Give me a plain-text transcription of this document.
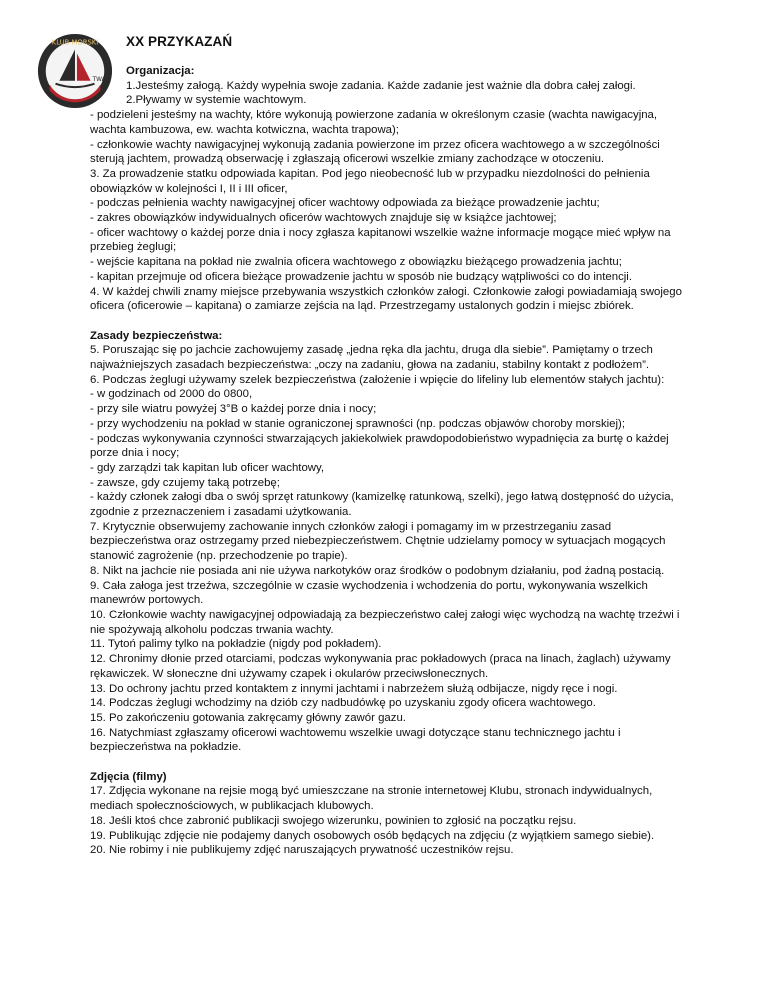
KLUB MORSKI
TWA
XX PRZYKAZAŃ

Organizacja:

1.Jesteśmy załogą. Każdy wypełnia swoje zadania. Każde zadanie jest ważnie dla dobra całej załogi.

2.Pływamy w systemie wachtowym.

- podzieleni jesteśmy na wachty, które wykonują powierzone zadania w określonym czasie (wachta nawigacyjna, wachta kambuzowa, ew. wachta kotwiczna, wachta trapowa);

- członkowie wachty nawigacyjnej wykonują zadania powierzone im przez oficera wachtowego a w szczególności sterują jachtem, prowadzą obserwację i zgłaszają oficerowi wszelkie zmiany zachodzące w otoczeniu.

3. Za prowadzenie statku odpowiada kapitan. Pod jego nieobecność lub w przypadku niezdolności do pełnienia obowiązków w kolejności I, II i III oficer,

- podczas pełnienia wachty nawigacyjnej oficer wachtowy odpowiada za bieżące prowadzenie jachtu;

- zakres obowiązków indywidualnych oficerów wachtowych znajduje się w książce jachtowej;

- oficer wachtowy o każdej porze dnia i nocy zgłasza kapitanowi wszelkie ważne informacje mogące mieć wpływ na przebieg żeglugi;

- wejście kapitana na pokład nie zwalnia oficera wachtowego z obowiązku bieżącego prowadzenia jachtu;

- kapitan przejmuje od oficera bieżące prowadzenie jachtu w sposób nie budzący wątpliwości co do intencji.

4. W każdej chwili znamy miejsce przebywania wszystkich członków załogi. Członkowie załogi powiadamiają swojego oficera (oficerowie – kapitana) o zamiarze zejścia na ląd. Przestrzegamy ustalonych godzin i miejsc zbiórek.

Zasady bezpieczeństwa:

5. Poruszając się po jachcie zachowujemy zasadę „jedna ręka dla jachtu, druga dla siebie”. Pamiętamy o trzech najważniejszych zasadach bezpieczeństwa: „oczy na zadaniu, głowa na zadaniu, stabilny kontakt z podłożem”.

6. Podczas żeglugi używamy szelek bezpieczeństwa (założenie i wpięcie do lifeliny lub elementów stałych jachtu):

- w godzinach od 2000 do 0800,

- przy sile wiatru powyżej 3°B o każdej porze dnia i nocy;

- przy wychodzeniu na pokład w stanie ograniczonej sprawności (np. podczas objawów choroby morskiej);

- podczas wykonywania czynności stwarzających jakiekolwiek prawdopodobieństwo wypadnięcia za burtę o każdej porze dnia i nocy;

- gdy zarządzi tak kapitan lub oficer wachtowy,

- zawsze, gdy czujemy taką potrzebę;

- każdy członek załogi dba o swój sprzęt ratunkowy (kamizelkę ratunkową, szelki), jego łatwą dostępność do użycia, zgodnie z przeznaczeniem i zasadami użytkowania.

7. Krytycznie obserwujemy zachowanie innych członków załogi i pomagamy im w przestrzeganiu zasad bezpieczeństwa oraz ostrzegamy przed niebezpieczeństwem. Chętnie udzielamy pomocy w sytuacjach mogących stanowić zagrożenie (np. przechodzenie po trapie).

8. Nikt na jachcie nie posiada ani nie używa narkotyków oraz środków o podobnym działaniu, pod żadną postacią.

9. Cała załoga jest trzeźwa, szczególnie w czasie wychodzenia i wchodzenia do portu, wykonywania wszelkich manewrów portowych.

10. Członkowie wachty nawigacyjnej odpowiadają za bezpieczeństwo całej załogi więc wychodzą na wachtę trzeźwi i nie spożywają alkoholu podczas trwania wachty.

11. Tytoń palimy tylko na pokładzie (nigdy pod pokładem).

12. Chronimy dłonie przed otarciami, podczas wykonywania prac pokładowych (praca na linach, żaglach) używamy rękawiczek. W słoneczne dni używamy czapek i okularów przeciwsłonecznych.

13. Do ochrony jachtu przed kontaktem z innymi jachtami i nabrzeżem służą odbijacze, nigdy ręce i nogi.

14. Podczas żeglugi wchodzimy na dziób czy nadbudówkę po uzyskaniu zgody oficera wachtowego.

15. Po zakończeniu gotowania zakręcamy główny zawór gazu.

16. Natychmiast zgłaszamy oficerowi wachtowemu wszelkie uwagi dotyczące stanu technicznego jachtu i bezpieczeństwa na pokładzie.

Zdjęcia (filmy)

17. Zdjęcia wykonane na rejsie mogą być umieszczane na stronie internetowej Klubu, stronach indywidualnych, mediach społecznościowych, w publikacjach klubowych.

18. Jeśli ktoś chce zabronić publikacji swojego wizerunku, powinien to zgłosić na początku rejsu.

19. Publikując zdjęcie nie podajemy danych osobowych osób będących na zdjęciu (z wyjątkiem samego siebie).

20. Nie robimy i nie publikujemy zdjęć naruszających prywatność uczestników rejsu.
